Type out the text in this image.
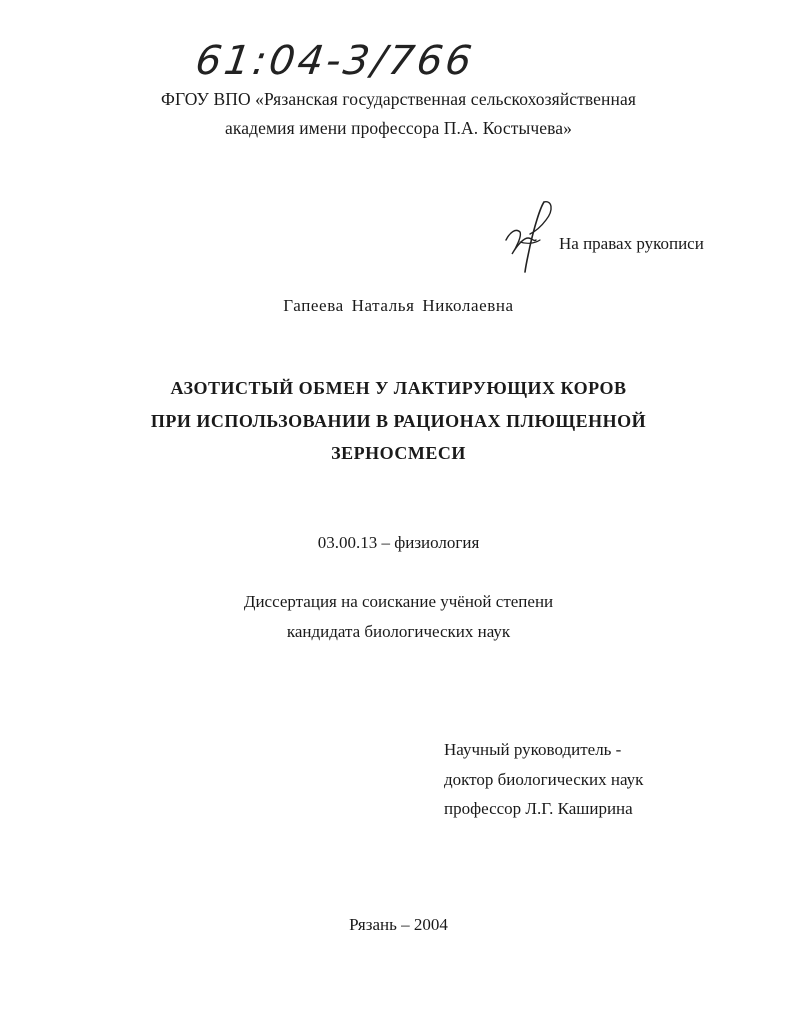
61:04-3/766
ФГОУ ВПО «Рязанская государственная сельскохозяйственная
академия имени профессора П.А. Костычева»
На правах рукописи
Гапеева Наталья Николаевна
АЗОТИСТЫЙ ОБМЕН У ЛАКТИРУЮЩИХ КОРОВ
ПРИ ИСПОЛЬЗОВАНИИ В РАЦИОНАХ ПЛЮЩЕННОЙ
ЗЕРНОСМЕСИ
03.00.13 – физиология
Диссертация на соискание учёной степени
кандидата биологических наук
Научный руководитель -
доктор биологических наук
профессор Л.Г. Каширина
Рязань – 2004
